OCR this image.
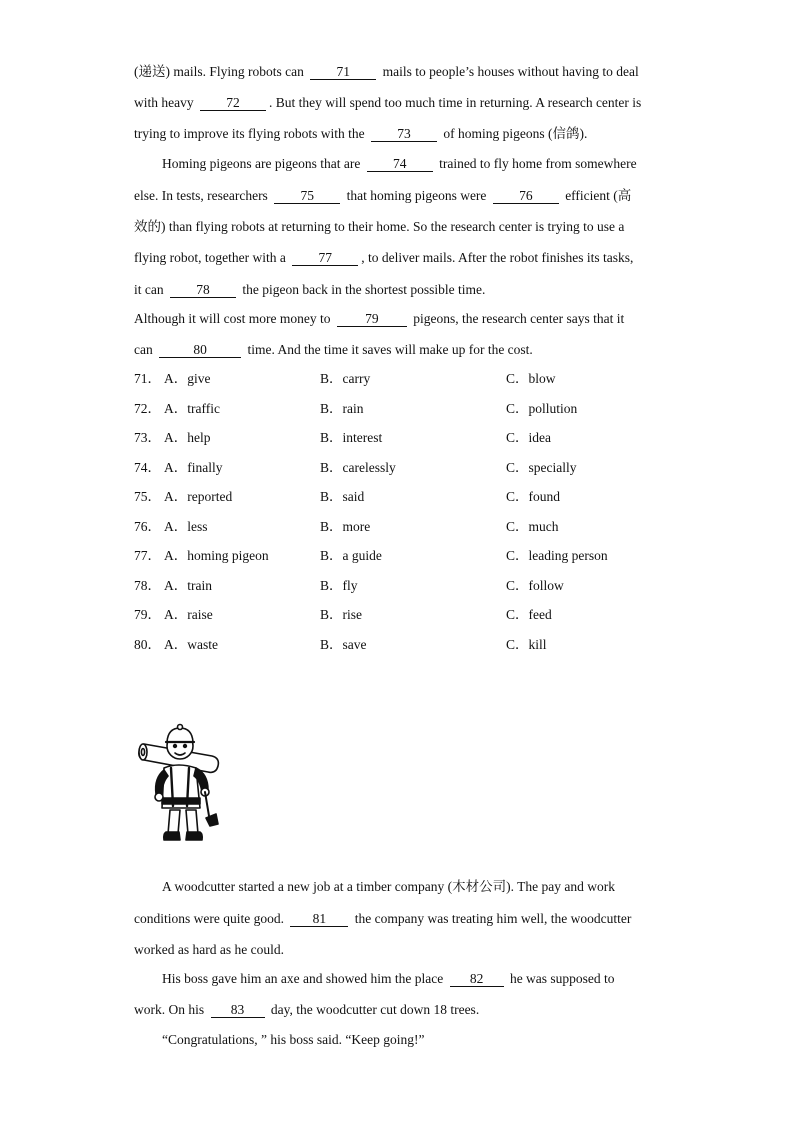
(递送) mails. Flying robots can 71 mails to people’s houses without having to deal
with heavy 72 . But they will spend too much time in returning. A research center is
trying to improve its flying robots with the 73 of homing pigeons (信鸽).
Homing pigeons are pigeons that are 74 trained to fly home from somewhere
else. In tests, researchers 75 that homing pigeons were 76 efficient (高
效的) than flying robots at returning to their home. So the research center is trying to use a
flying robot, together with a 77 , to deliver mails. After the robot finishes its tasks,
it can 78 the pigeon back in the shortest possible time.
Although it will cost more money to	79	pigeons, the research center says that it
can	80	time. And the time it saves will make up for the cost.
71． A．give	B．carry	C．blow
72． A．traffic	B．rain	C．pollution
73． A．help	B．interest	C．idea
74． A．finally	B．carelessly	C．specially
75． A．reported	B．said	C．found
76． A．less	B．more	C．much
77． A．homing pigeon	B．a guide	C．leading person
78． A．train	B．fly	C．follow
79． A．raise	B．rise	C．feed
80． A．waste	B．save	C．kill
A woodcutter started a new job at a timber company (木材公司). The pay and work
conditions were quite good. 81 the company was treating him well, the woodcutter
worked as hard as he could.
His boss gave him an axe and showed him the place 82 he was supposed to
work. On his 83 day, the woodcutter cut down 18 trees.
“Congratulations, ” his boss said. “Keep going!”
